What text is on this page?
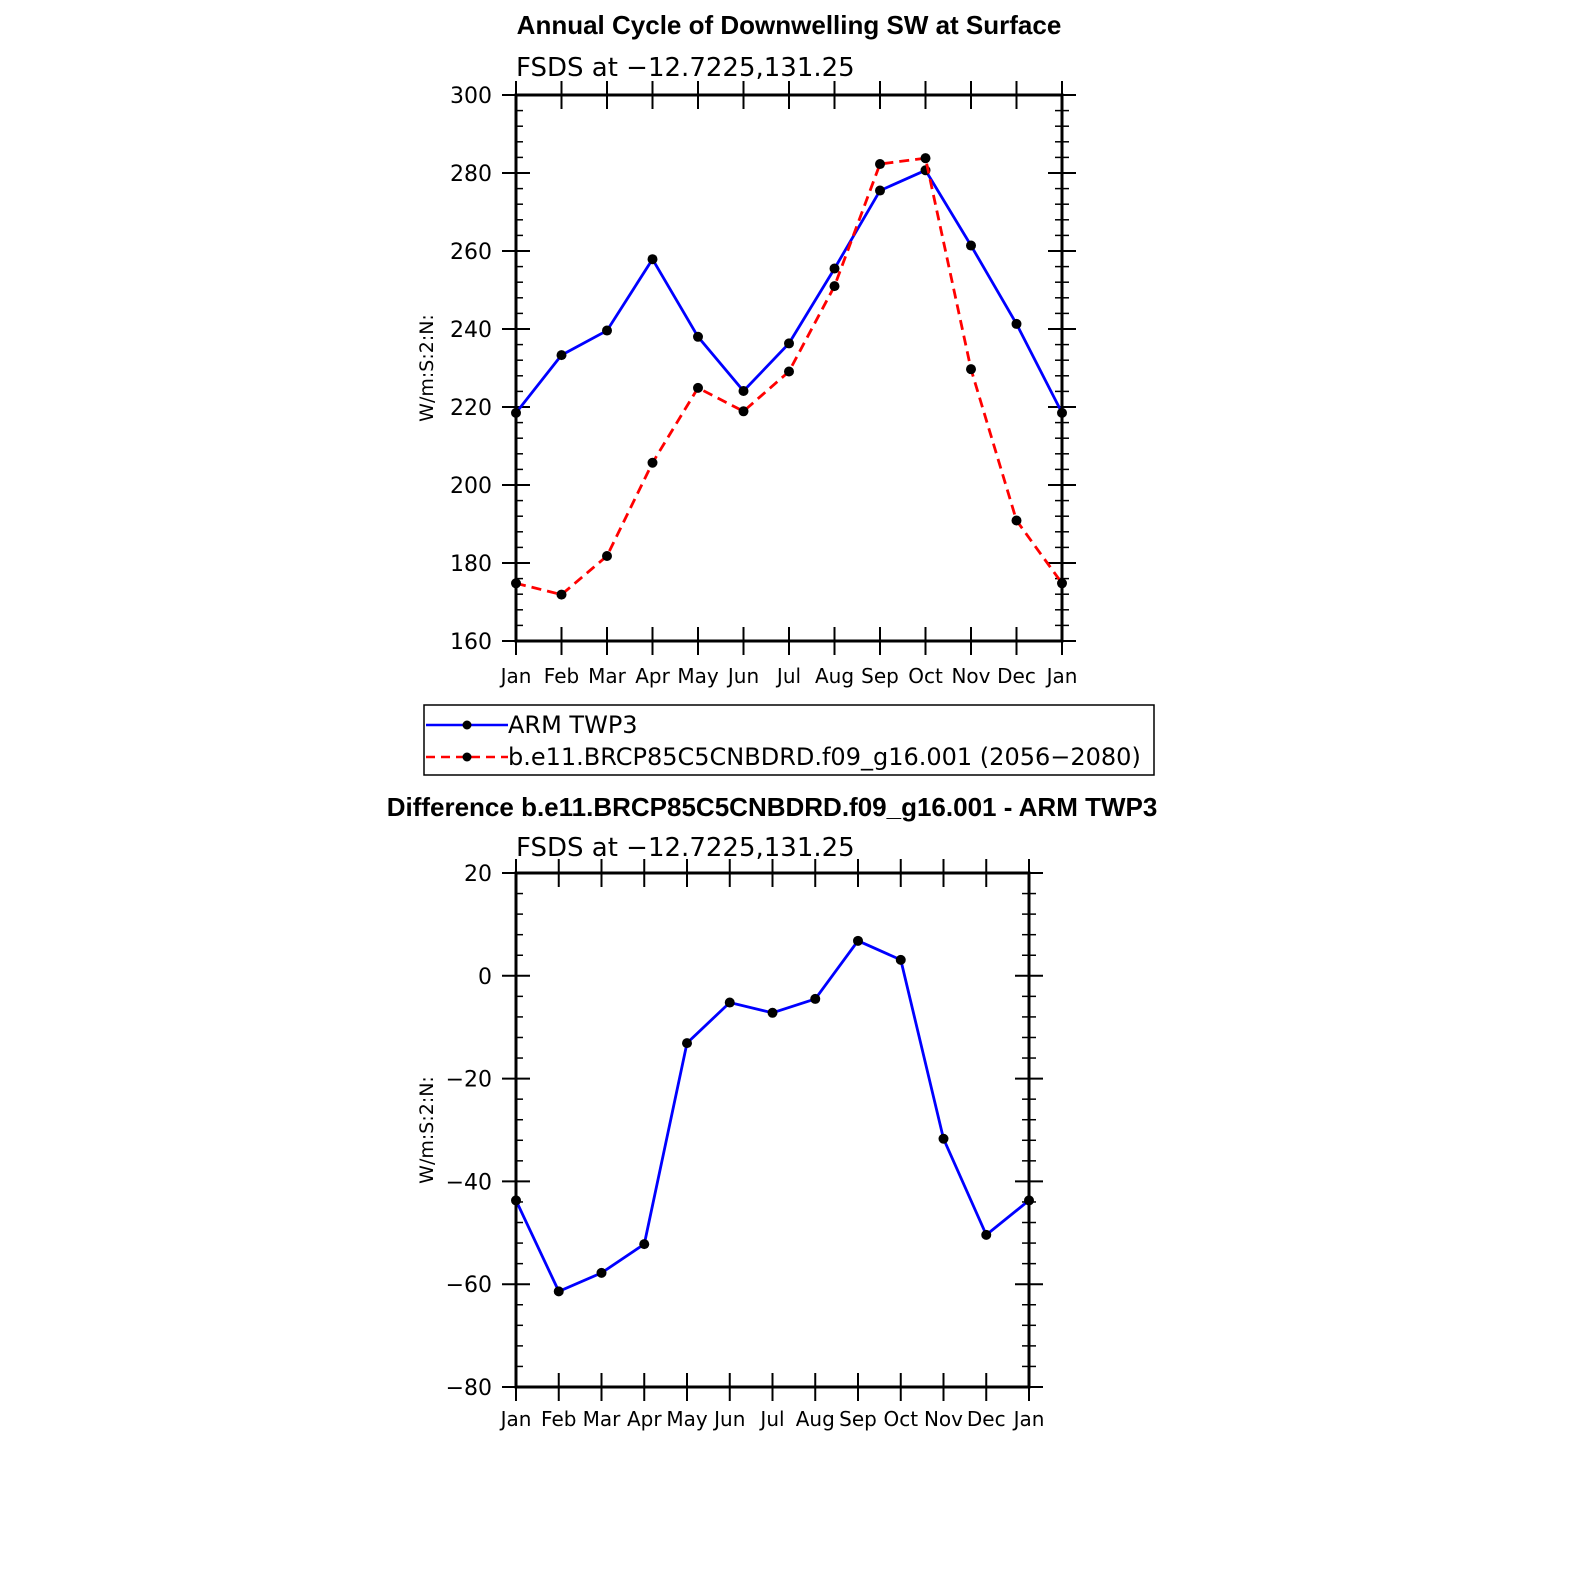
Annual Cycle of Downwelling SW at Surface
FSDS at −12.7225,131.25
W/m:S:2:N:
160
180
200
220
240
260
280
300
Jan Feb Mar Apr May Jun Jul Aug Sep Oct Nov Dec Jan
ARM TWP3
b.e11.BRCP85C5CNBDRD.f09_g16.001 (2056−2080)
Difference b.e11.BRCP85C5CNBDRD.f09_g16.001 - ARM TWP3
FSDS at −12.7225,131.25
W/m:S:2:N:
−80
−60
−40
−20
0
20
Jan Feb Mar Apr May Jun Jul Aug Sep Oct Nov Dec Jan
